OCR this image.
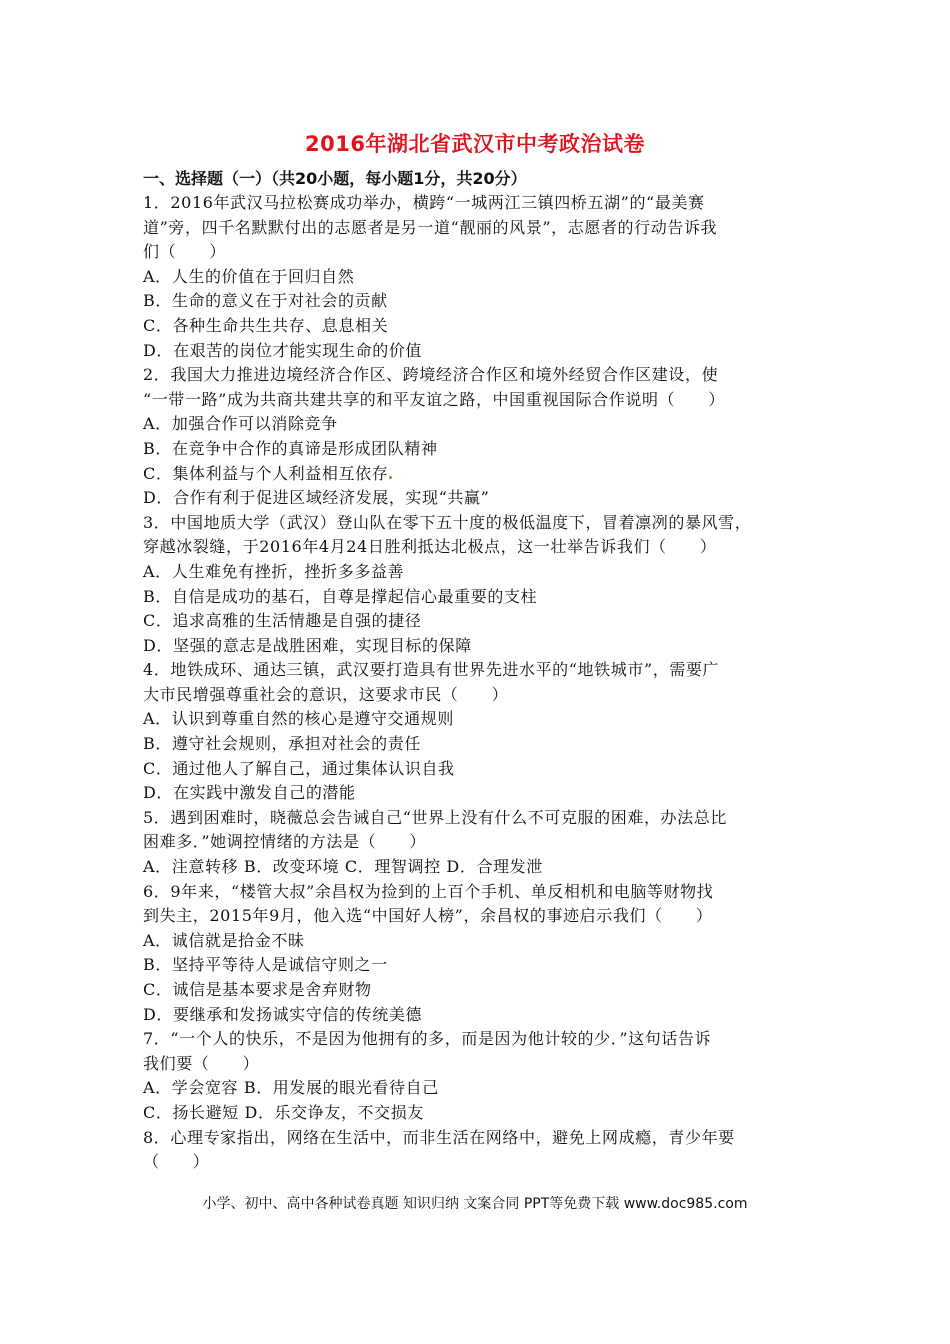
2016年湖北省武汉市中考政治试卷
一、选择题（一）（共20小题，每小题1分，共20分）
1．2016年武汉马拉松赛成功举办，横跨“一城两江三镇四桥五湖”的“最美赛
道”旁，四千名默默付出的志愿者是另一道“靓丽的风景”，志愿者的行动告诉我
们（　　）
A．人生的价值在于回归自然
B．生命的意义在于对社会的贡献
C．各种生命共生共存、息息相关
D．在艰苦的岗位才能实现生命的价值
2．我国大力推进边境经济合作区、跨境经济合作区和境外经贸合作区建设，使
“一带一路”成为共商共建共享的和平友谊之路，中国重视国际合作说明（　　）
A．加强合作可以消除竞争
B．在竞争中合作的真谛是形成团队精神
C．集体利益与个人利益相互依存
D．合作有利于促进区域经济发展，实现“共赢”
3．中国地质大学（武汉）登山队在零下五十度的极低温度下，冒着凛冽的暴风雪，
穿越冰裂缝，于2016年4月24日胜利抵达北极点，这一壮举告诉我们（　　）
A．人生难免有挫折，挫折多多益善
B．自信是成功的基石，自尊是撑起信心最重要的支柱
C．追求高雅的生活情趣是自强的捷径
D．坚强的意志是战胜困难，实现目标的保障
4．地铁成环、通达三镇，武汉要打造具有世界先进水平的“地铁城市”，需要广
大市民增强尊重社会的意识，这要求市民（　　）
A．认识到尊重自然的核心是遵守交通规则
B．遵守社会规则，承担对社会的责任
C．通过他人了解自己，通过集体认识自我
D．在实践中激发自己的潜能
5．遇到困难时，晓薇总会告诫自己“世界上没有什么不可克服的困难，办法总比
困难多．”她调控情绪的方法是（　　）
A．注意转移 B．改变环境 C．理智调控 D．合理发泄
6．9年来，“楼管大叔”余昌权为捡到的上百个手机、单反相机和电脑等财物找
到失主，2015年9月，他入选“中国好人榜”，余昌权的事迹启示我们（　　）
A．诚信就是拾金不昧
B．坚持平等待人是诚信守则之一
C．诚信是基本要求是舍弃财物
D．要继承和发扬诚实守信的传统美德
7．“一个人的快乐，不是因为他拥有的多，而是因为他计较的少．”这句话告诉
我们要（　　）
A．学会宽容 B．用发展的眼光看待自己
C．扬长避短 D．乐交诤友，不交损友
8．心理专家指出，网络在生活中，而非生活在网络中，避免上网成瘾，青少年要
（　　）
小学、初中、高中各种试卷真题 知识归纳 文案合同 PPT等免费下载 www.doc985.com
